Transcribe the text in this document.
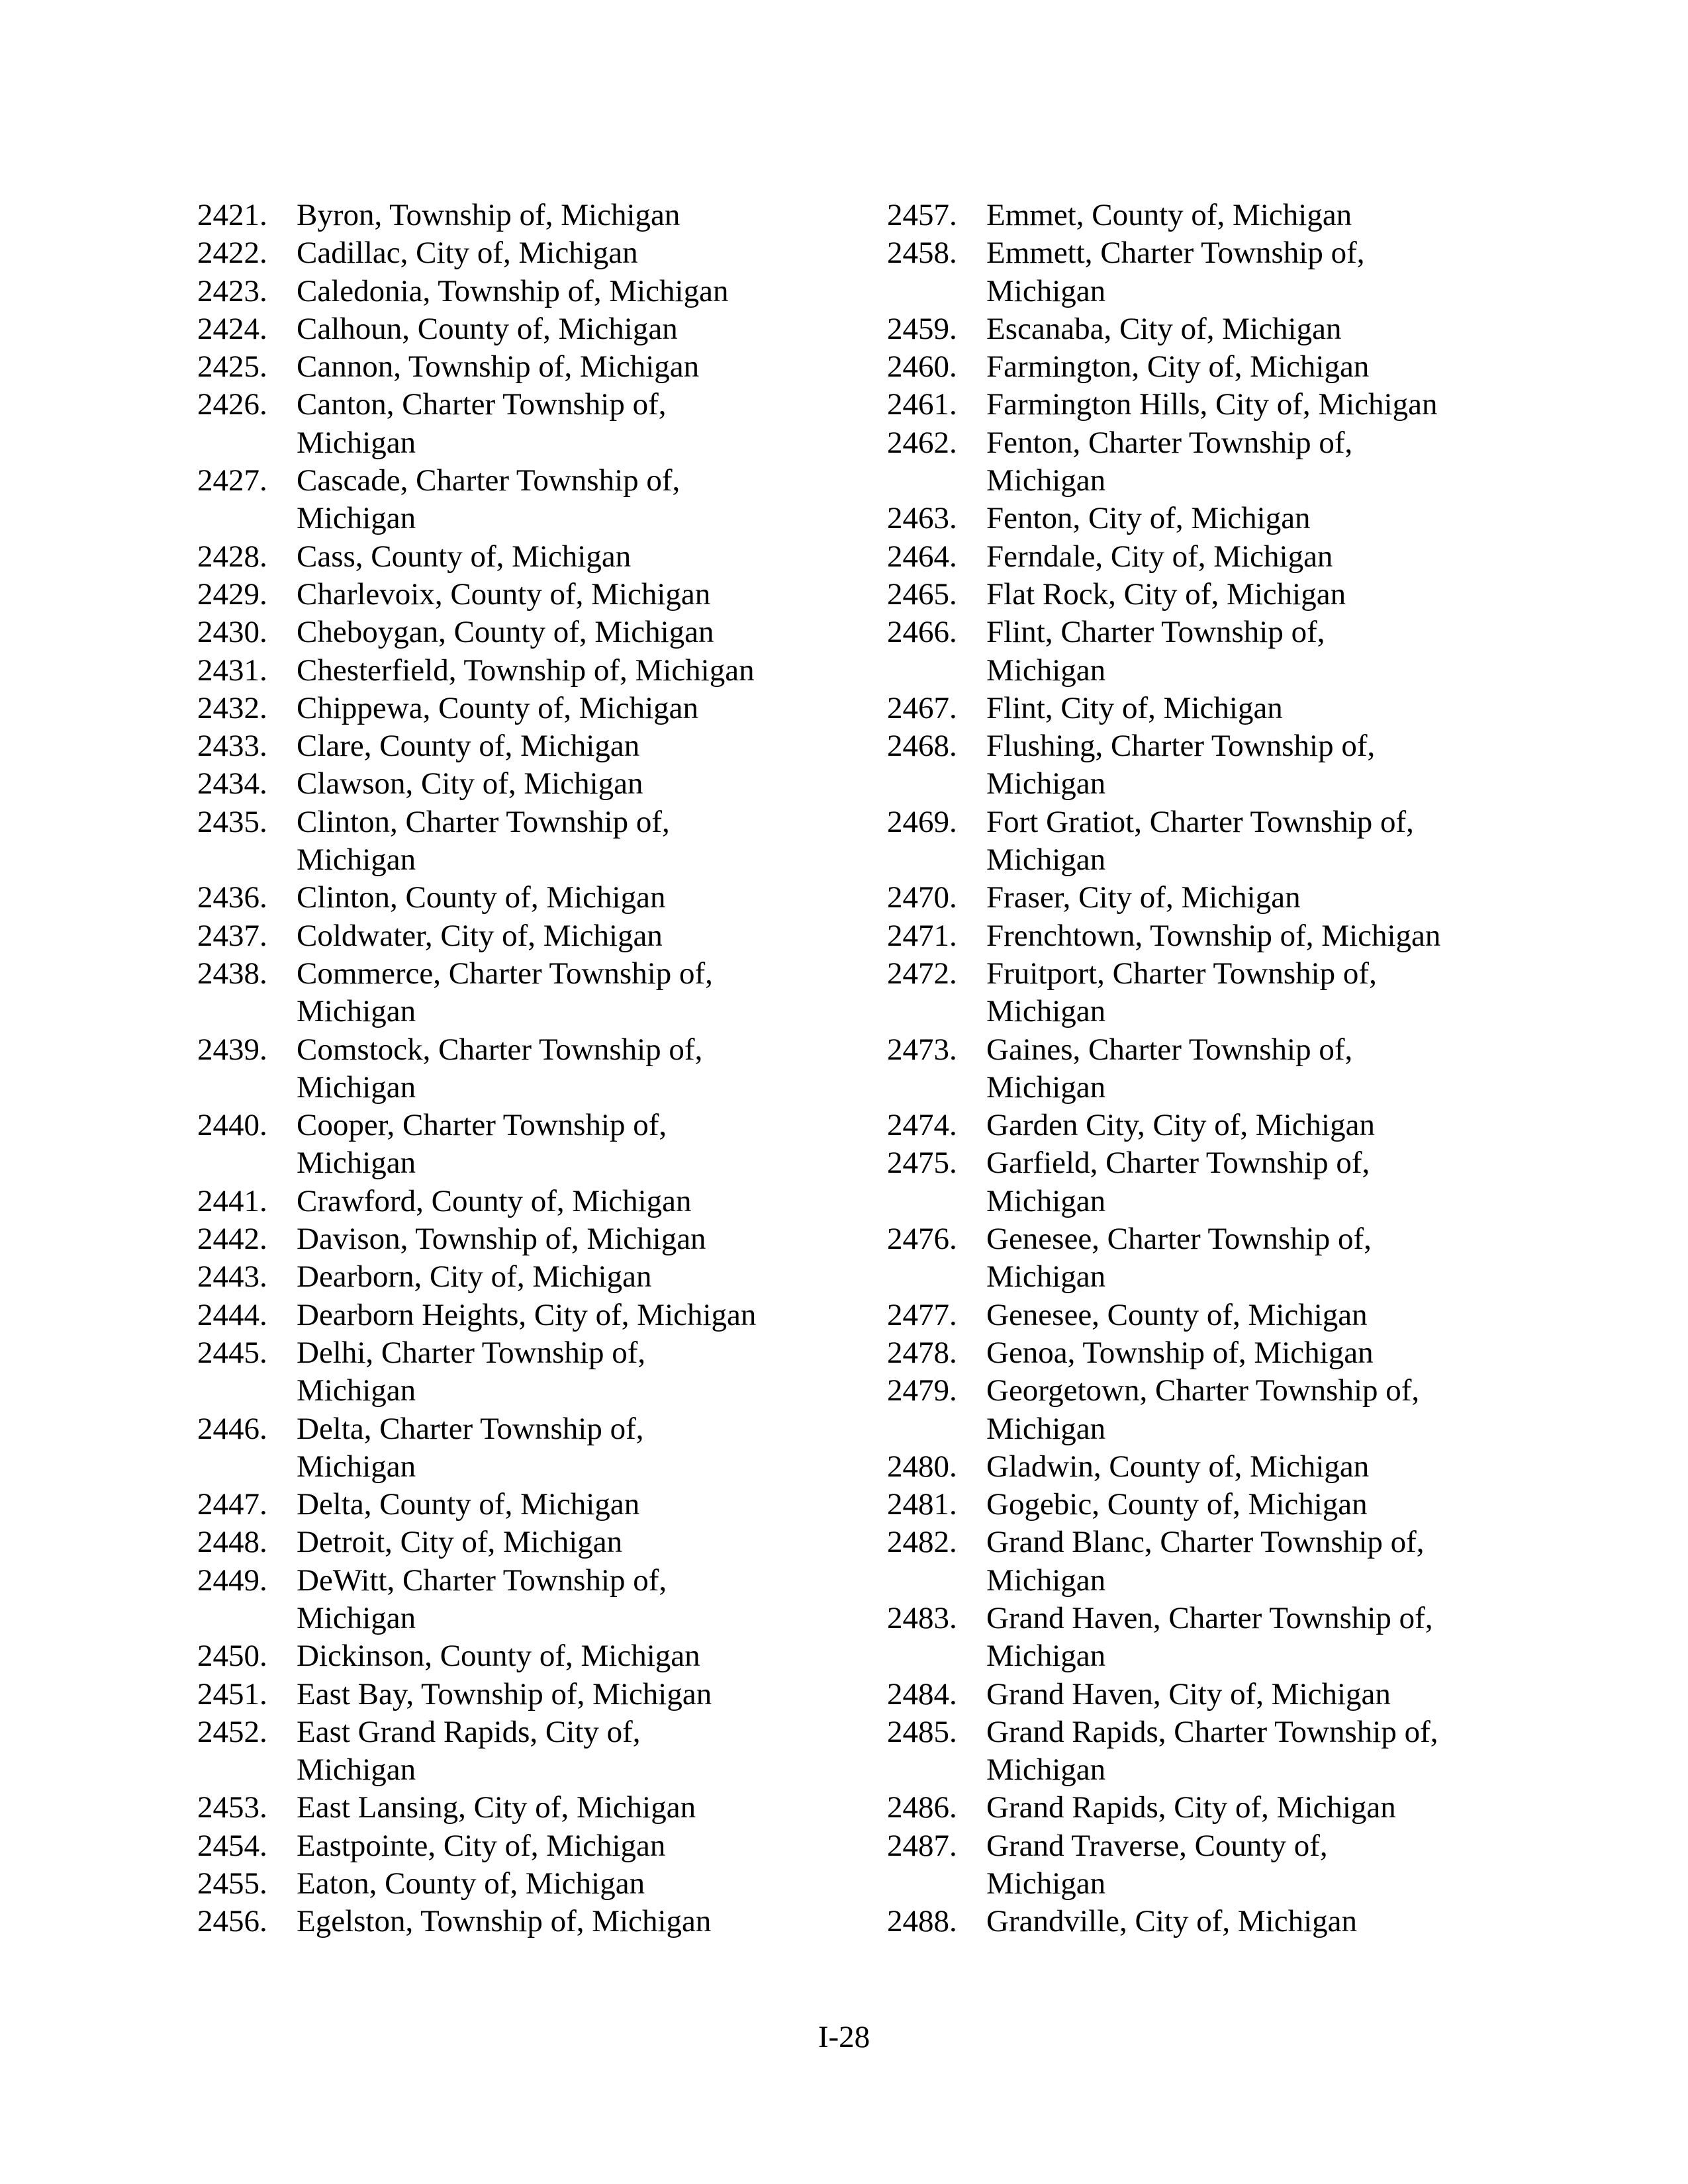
2421. Byron, Township of, Michigan
2422. Cadillac, City of, Michigan
2423. Caledonia, Township of, Michigan
2424. Calhoun, County of, Michigan
2425. Cannon, Township of, Michigan
2426. Canton, Charter Township of,
Michigan
2427. Cascade, Charter Township of,
Michigan
2428. Cass, County of, Michigan
2429. Charlevoix, County of, Michigan
2430. Cheboygan, County of, Michigan
2431. Chesterfield, Township of, Michigan
2432. Chippewa, County of, Michigan
2433. Clare, County of, Michigan
2434. Clawson, City of, Michigan
2435. Clinton, Charter Township of,
Michigan
2436. Clinton, County of, Michigan
2437. Coldwater, City of, Michigan
2438. Commerce, Charter Township of,
Michigan
2439. Comstock, Charter Township of,
Michigan
2440. Cooper, Charter Township of,
Michigan
2441. Crawford, County of, Michigan
2442. Davison, Township of, Michigan
2443. Dearborn, City of, Michigan
2444. Dearborn Heights, City of, Michigan
2445. Delhi, Charter Township of,
Michigan
2446. Delta, Charter Township of,
Michigan
2447. Delta, County of, Michigan
2448. Detroit, City of, Michigan
2449. DeWitt, Charter Township of,
Michigan
2450. Dickinson, County of, Michigan
2451. East Bay, Township of, Michigan
2452. East Grand Rapids, City of,
Michigan
2453. East Lansing, City of, Michigan
2454. Eastpointe, City of, Michigan
2455. Eaton, County of, Michigan
2456. Egelston, Township of, Michigan
2457. Emmet, County of, Michigan
2458. Emmett, Charter Township of,
Michigan
2459. Escanaba, City of, Michigan
2460. Farmington, City of, Michigan
2461. Farmington Hills, City of, Michigan
2462. Fenton, Charter Township of,
Michigan
2463. Fenton, City of, Michigan
2464. Ferndale, City of, Michigan
2465. Flat Rock, City of, Michigan
2466. Flint, Charter Township of,
Michigan
2467. Flint, City of, Michigan
2468. Flushing, Charter Township of,
Michigan
2469. Fort Gratiot, Charter Township of,
Michigan
2470. Fraser, City of, Michigan
2471. Frenchtown, Township of, Michigan
2472. Fruitport, Charter Township of,
Michigan
2473. Gaines, Charter Township of,
Michigan
2474. Garden City, City of, Michigan
2475. Garfield, Charter Township of,
Michigan
2476. Genesee, Charter Township of,
Michigan
2477. Genesee, County of, Michigan
2478. Genoa, Township of, Michigan
2479. Georgetown, Charter Township of,
Michigan
2480. Gladwin, County of, Michigan
2481. Gogebic, County of, Michigan
2482. Grand Blanc, Charter Township of,
Michigan
2483. Grand Haven, Charter Township of,
Michigan
2484. Grand Haven, City of, Michigan
2485. Grand Rapids, Charter Township of,
Michigan
2486. Grand Rapids, City of, Michigan
2487. Grand Traverse, County of,
Michigan
2488. Grandville, City of, Michigan
I-28
